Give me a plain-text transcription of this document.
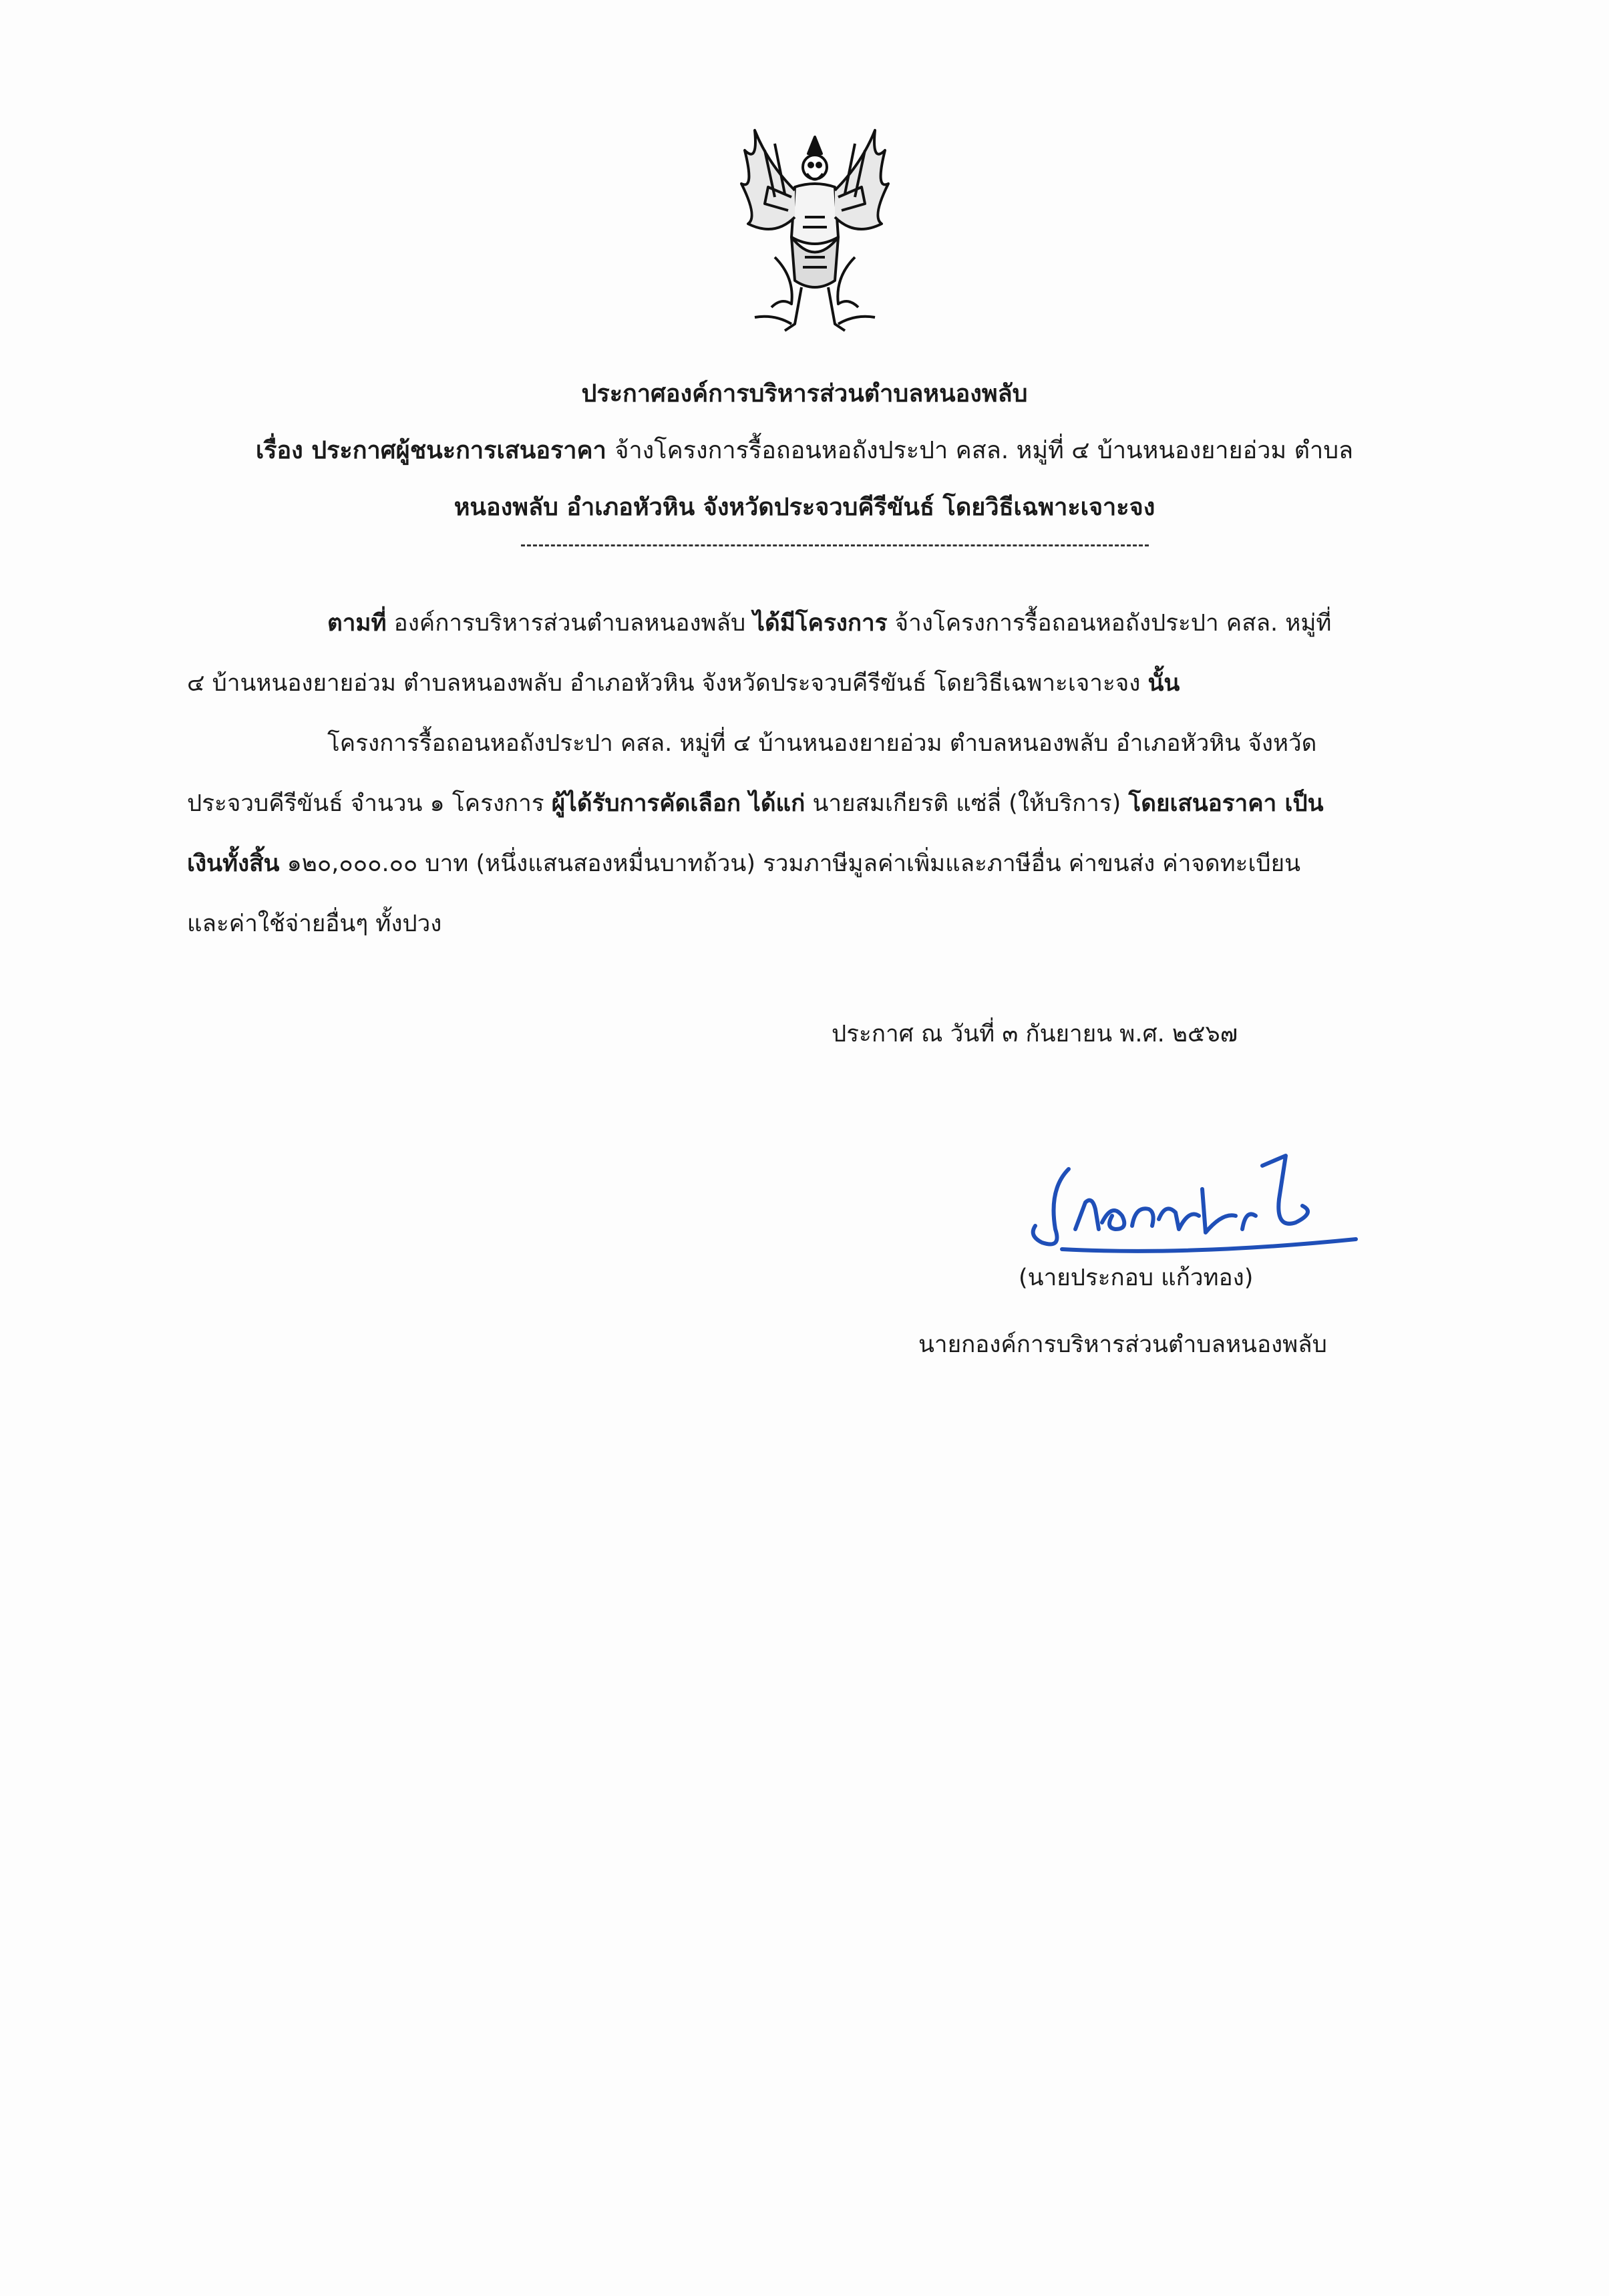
ประกาศองค์การบริหารส่วนตำบลหนองพลับ
เรื่อง ประกาศผู้ชนะการเสนอราคา จ้างโครงการรื้อถอนหอถังประปา คสล. หมู่ที่ ๔ บ้านหนองยายอ่วม ตำบล
หนองพลับ อำเภอหัวหิน จังหวัดประจวบคีรีขันธ์ โดยวิธีเฉพาะเจาะจง
ตามที่ องค์การบริหารส่วนตำบลหนองพลับ ได้มีโครงการ จ้างโครงการรื้อถอนหอถังประปา คสล. หมู่ที่
๔ บ้านหนองยายอ่วม ตำบลหนองพลับ อำเภอหัวหิน จังหวัดประจวบคีรีขันธ์ โดยวิธีเฉพาะเจาะจง นั้น
โครงการรื้อถอนหอถังประปา คสล. หมู่ที่ ๔ บ้านหนองยายอ่วม ตำบลหนองพลับ อำเภอหัวหิน จังหวัด
ประจวบคีรีขันธ์ จำนวน ๑ โครงการ ผู้ได้รับการคัดเลือก ได้แก่ นายสมเกียรติ แซ่ลี่ (ให้บริการ) โดยเสนอราคา เป็น
เงินทั้งสิ้น ๑๒๐,๐๐๐.๐๐ บาท (หนึ่งแสนสองหมื่นบาทถ้วน) รวมภาษีมูลค่าเพิ่มและภาษีอื่น ค่าขนส่ง ค่าจดทะเบียน
และค่าใช้จ่ายอื่นๆ ทั้งปวง
ประกาศ ณ วันที่ ๓ กันยายน พ.ศ. ๒๕๖๗
(นายประกอบ แก้วทอง)
นายกองค์การบริหารส่วนตำบลหนองพลับ
